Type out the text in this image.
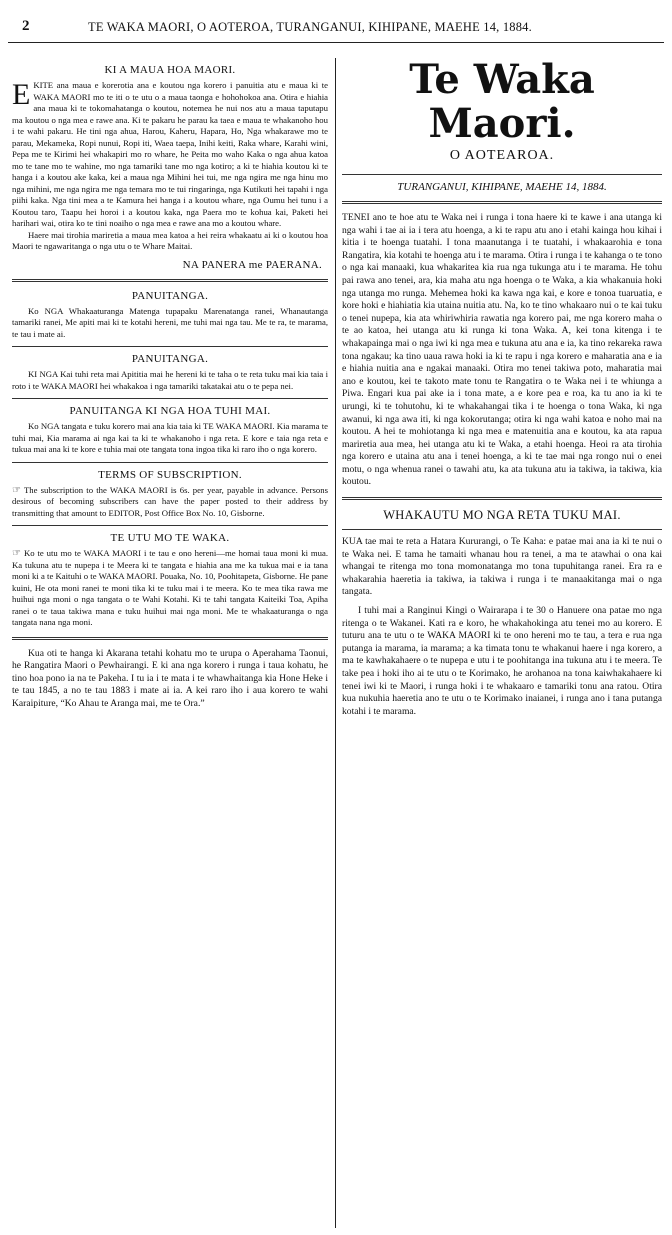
2	TE WAKA MAORI, O AOTEROA, TURANGANUI, KIHIPANE, MAEHE 14, 1884.
KI A MAUA HOA MAORI.

EKITE ana maua e korerotia ana e koutou nga korero i panuitia atu e maua ki te WAKA MAORI mo te iti o te utu o a maua taonga e hohohokoa ana. Otira e hiahia ana maua ki te tokomahatanga o koutou, notemea he nui nos atu a maua taputapu ma koutou o nga mea e rawe ana. Ki te pakaru he parau ka taea e maua te whakanoho hou i te wahi pakaru. He tini nga ahua, Harou, Kaheru, Hapara, Ho, Nga whakarawe mo te parau, Mekameka, Ropi nunui, Ropi iti, Waea taepa, Inihi keiti, Raka whare, Karahi wini, Pepa me te Kirimi hei whakapiri mo ro whare, he Peita mo waho Kaka o nga ahua katoa mo te tane mo te wahine, mo nga tamariki tane mo nga kotiro; a ki te hiahia koutou ki te hanga i a koutou ake kaka, kei a maua nga Mihini hei tui, me nga ngira me nga hinu mo nga mihini, me nga ngira me nga temara mo te tui ringaringa, nga Kutikuti hei tapahi i nga piihi kaka. Nga tini mea a te Kamura hei hanga i a koutou whare, nga Oumu hei tunu i a Koutou taro, Taapu hei horoi i a koutou kaka, nga Paera mo te kohua kai, Paketi hei harihari wai, otira ko te tini noaiho o nga mea e rawe ana mo a koutou whare.

Haere mai tirohia mariretia a maua mea katoa a hei reira whakaatu ai ki o koutou hoa Maori te ngawaritanga o nga utu o te Whare Maitai.

NA PANERA me PAERANA.
PANUITANGA.

Ko NGA Whakaaturanga Matenga tupapaku Marenatanga ranei, Whanautanga tamariki ranei, Me apiti mai ki te kotahi hereni, me tuhi mai nga tau. Me te ra, te marama, te tau i mate ai.

PANUITANGA.

KI NGA Kai tuhi reta mai Apititia mai he hereni ki te taha o te reta tuku mai kia taia i roto i te WAKA MAORI hei whakakoa i nga tamariki takatakai atu o te pepa nei.

PANUITANGA KI NGA HOA TUHI MAI.

Ko NGA tangata e tuku korero mai ana kia taia ki TE WAKA MAORI. Kia marama te tuhi mai, Kia marama ai nga kai ta ki te whakanoho i nga reta. E kore e taia nga reta e tukua mai ana ki te kore e tuhia mai ote tangata tona ingoa tika ki raro iho o nga korero.

TERMS OF SUBSCRIPTION.

☞ The subscription to the WAKA MAORI is 6s. per year, payable in advance. Persons desirous of becoming subscribers can have the paper posted to their address by transmitting that amount to EDITOR, Post Office Box No. 10, Gisborne.

TE UTU MO TE WAKA.

☞ Ko te utu mo te WAKA MAORI i te tau e ono hereni—me homai taua moni ki mua. Ka tukuna atu te nupepa i te Meera ki te tangata e hiahia ana me ka tukua mai e ia tana moni ki a te Kaituhi o te WAKA MAORI. Pouaka, No. 10, Poohitapeta, Gisborne. He pane kuini, He ota moni ranei te moni tika ki te tuku mai i te meera. Ko te mea tika rawa me huihui nga moni o nga tangata o te Wahi Kotahi. Ki te tahi tangata Kaiteiki Toa, Apiha ranei o te taua takiwa mana e tuku huihui mai nga moni. Me te whakaaturanga o nga tangata nana nga moni.

Kua oti te hanga ki Akarana tetahi kohatu mo te urupa o Aperahama Taonui, he Rangatira Maori o Pewhairangi. E ki ana nga korero i runga i taua kohatu, he tino hoa pono ia na te Pakeha. I tu ia i te mata i te whawhaitanga kia Hone Heke i te tau 1845, a no te tau 1883 i mate ai ia. A kei raro iho i aua korero te wahi Karaipiture, “Ko Ahau te Aranga mai, me te Ora.”

Te Waka Maori.
O AOTEAROA.
TURANGANUI, KIHIPANE, MAEHE 14, 1884.

TENEI ano te hoe atu te Waka nei i runga i tona haere ki te kawe i ana utanga ki nga wahi i tae ai ia i tera atu hoenga, a ki te rapu atu ano i etahi kainga hou kihai i kitia i te hoenga tuatahi. I tona maanutanga i te tuatahi, i whakaarohia e tona Rangatira, kia kotahi te hoenga atu i te marama. Otira i runga i te kahanga o te tono o nga kai manaaki, kua whakaritea kia rua nga tukunga atu i te marama. He tohu pai rawa ano tenei, ara, kia maha atu nga hoenga o te Waka, a kia whakanuia hoki nga utanga mo runga. Mehemea hoki ka kawa nga kai, e kore e tonoa tuaruatia, e kore hoki e hiahiatia kia utaina nuitia atu. Na, ko te tino whakaaro nui o te kai tuku o tenei nupepa, kia ata whiriwhiria rawatia nga korero pai, me nga korero maha o te ao katoa, hei utanga atu ki runga ki tona Waka. A, kei tona kitenga i te whakapainga mai o nga iwi ki nga mea e tukuna atu ana e ia, ka tino rekareka rawa tona ngakau; ka tino uaua rawa hoki ia ki te rapu i nga korero e maharatia ana e ia e hiahia nuitia ana e ngakai manaaki. Otira mo tenei takiwa poto, maharatia mai ano e koutou, kei te takoto mate tonu te Rangatira o te Waka nei i te whiunga a Piwa. Engari kua pai ake ia i tona mate, a e kore pea e roa, ka tu ano ia ki te urungi, ki te tohutohu, ki te whakahangai tika i te hoenga o tona Waka, ki nga awanui, ki nga awa iti, ki nga kokorutanga; otira ki nga wahi katoa e noho mai na koutou. A hei te mohiotanga ki nga mea e matenuitia ana e koutou, ka ata rapua mariretia aua mea, hei utanga atu ki te Waka, a etahi hoenga. Heoi ra ata tirohia nga korero e utaina atu ana i tenei hoenga, a ki te tae mai nga rongo nui o enei motu, o nga whenua ranei o tawahi atu, ka ata tukuna atu ia takiwa, ia takiwa, kia koutou.

WHAKAUTU MO NGA RETA TUKU MAI.

KUA tae mai te reta a Hatara Kururangi, o Te Kaha: e patae mai ana ia ki te nui o te Waka nei. E tama he tamaiti whanau hou ra tenei, a ma te atawhai o ona kai whangai te ritenga mo tona momonatanga mo tona tupuhitanga ranei. Era ra e whakarahia haeretia ia takiwa, ia takiwa i runga i te manaakitanga mai o nga tangata.

I tuhi mai a Ranginui Kingi o Wairarapa i te 30 o Hanuere ona patae mo nga ritenga o te Wakanei. Kati ra e koro, he whakahokinga atu tenei mo au korero. E tuturu ana te utu o te WAKA MAORI ki te ono hereni mo te tau, a tera e rua nga putanga ia marama, ia marama; a ka timata tonu te whakanui haere i nga korero, a ma te kawhakahaere o te nupepa e utu i te poohitanga ina tukuna atu i te meera. Te take pea i hoki iho ai te utu o te Korimako, he arohanoa na tona kaiwhakahaere ki tenei iwi ki te Maori, i runga hoki i te whakaaro e tamariki tonu ana ratou. Otira kua nukuhia haeretia ano te utu o te Korimako inaianei, i runga ano i tana putanga kotahi i te marama.
